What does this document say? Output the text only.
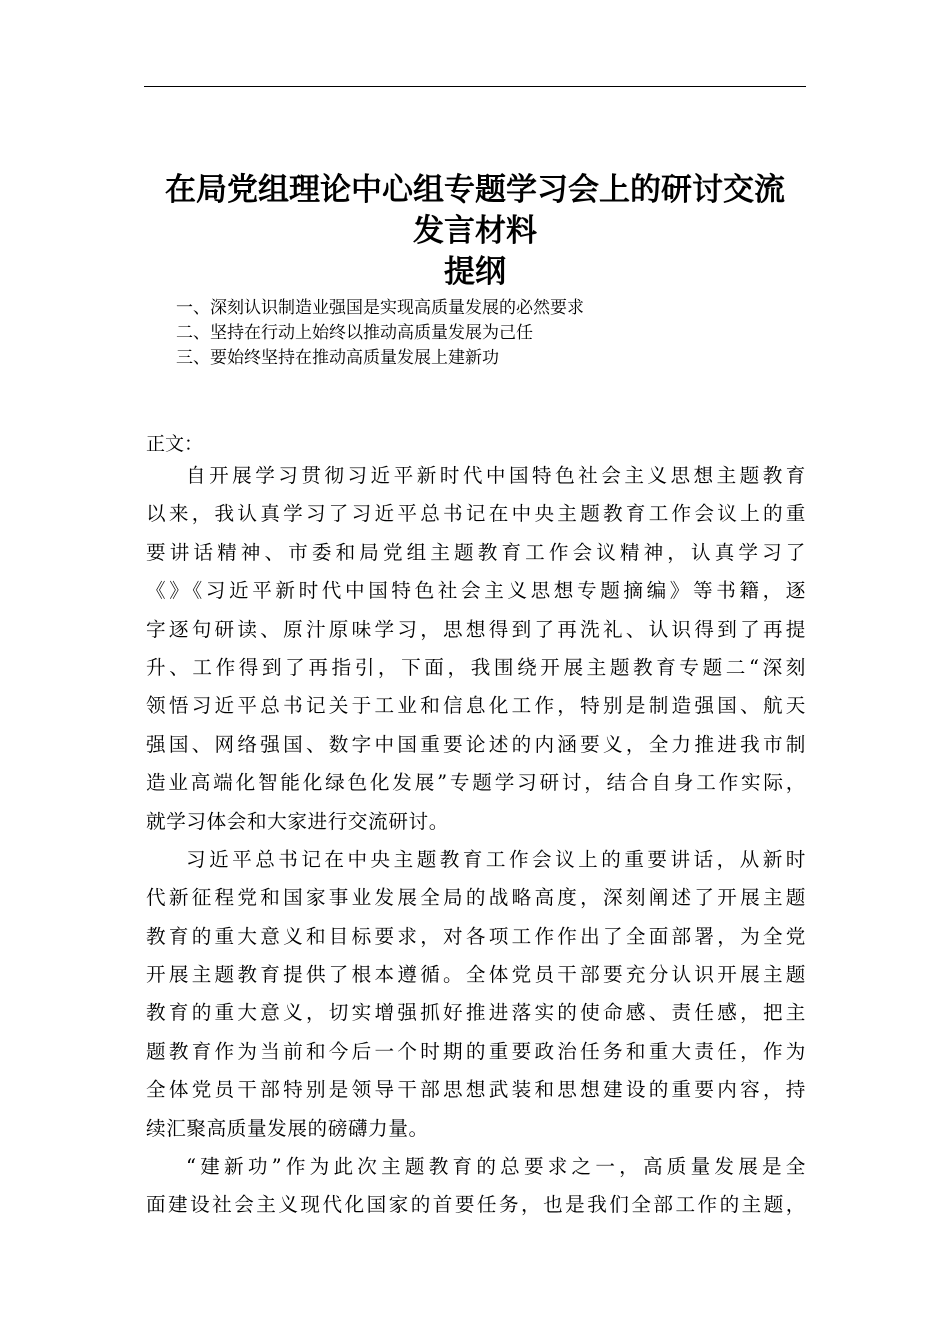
在局党组理论中心组专题学习会上的研讨交流
发言材料
提纲
一、深刻认识制造业强国是实现高质量发展的必然要求
二、坚持在行动上始终以推动高质量发展为己任
三、要始终坚持在推动高质量发展上建新功

正文：

自开展学习贯彻习近平新时代中国特色社会主义思想主题教育
以来，我认真学习了习近平总书记在中央主题教育工作会议上的重
要讲话精神、市委和局党组主题教育工作会议精神，认真学习了
《》《习近平新时代中国特色社会主义思想专题摘编》等书籍，逐
字逐句研读、原汁原味学习，思想得到了再洗礼、认识得到了再提
升、工作得到了再指引，下面，我围绕开展主题教育专题二“深刻
领悟习近平总书记关于工业和信息化工作，特别是制造强国、航天
强国、网络强国、数字中国重要论述的内涵要义，全力推进我市制
造业高端化智能化绿色化发展”专题学习研讨，结合自身工作实际，
就学习体会和大家进行交流研讨。
习近平总书记在中央主题教育工作会议上的重要讲话，从新时
代新征程党和国家事业发展全局的战略高度，深刻阐述了开展主题
教育的重大意义和目标要求，对各项工作作出了全面部署，为全党
开展主题教育提供了根本遵循。全体党员干部要充分认识开展主题
教育的重大意义，切实增强抓好推进落实的使命感、责任感，把主
题教育作为当前和今后一个时期的重要政治任务和重大责任，作为
全体党员干部特别是领导干部思想武装和思想建设的重要内容，持
续汇聚高质量发展的磅礴力量。
“建新功”作为此次主题教育的总要求之一，高质量发展是全
面建设社会主义现代化国家的首要任务，也是我们全部工作的主题，
